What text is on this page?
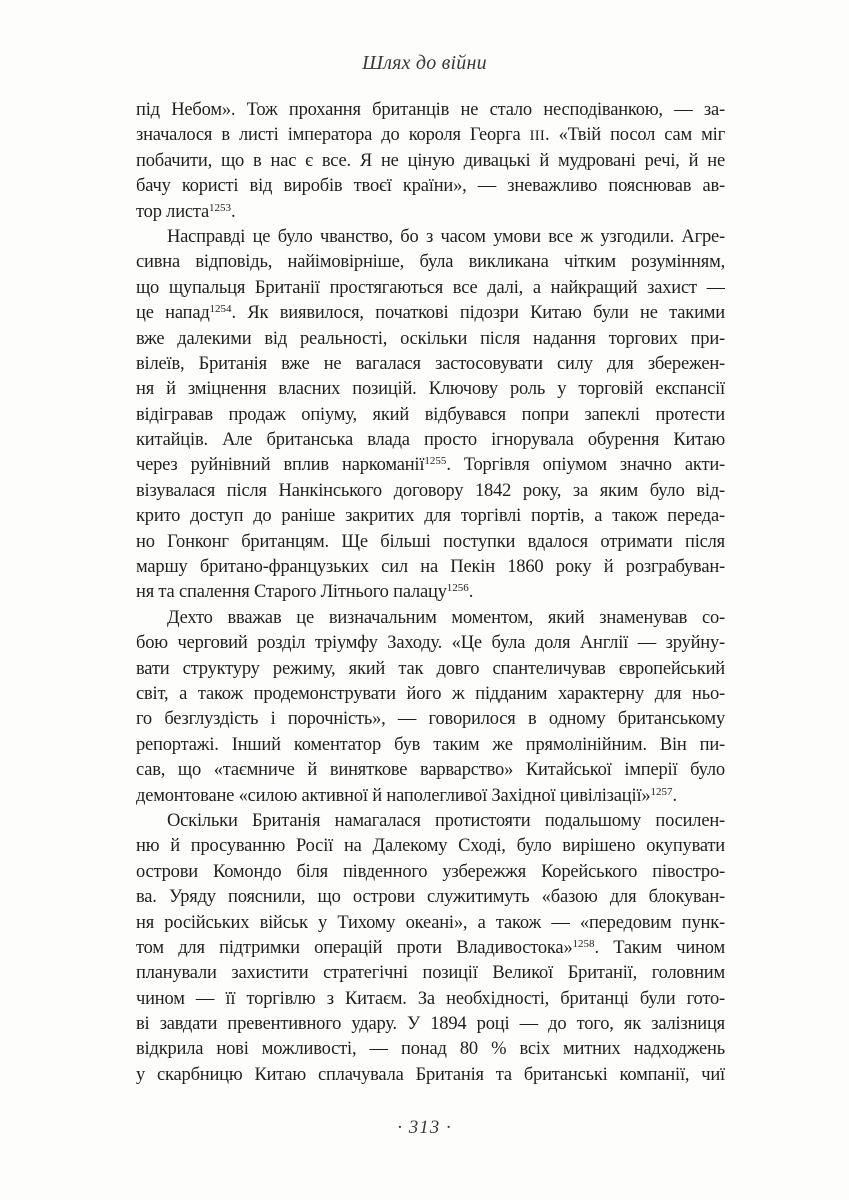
Шлях до війни
під Небом». Тож прохання британців не стало несподіванкою, — за-
значалося в листі імператора до короля Георга III. «Твій посол сам міг
побачити, що в нас є все. Я не ціную дивацькі й мудровані речі, й не
бачу користі від виробів твоєї країни», — зневажливо пояснював ав-
тор листа$^{1253}$.
Насправді це було чванство, бо з часом умови все ж узгодили. Агре-
сивна відповідь, найімовірніше, була викликана чітким розумінням,
що щупальця Британії простягаються все далі, а найкращий захист —
це напад$^{1254}$. Як виявилося, початкові підозри Китаю були не такими
вже далекими від реальності, оскільки після надання торгових при-
вілеїв, Британія вже не вагалася застосовувати силу для збережен-
ня й зміцнення власних позицій. Ключову роль у торговій експансії
відігравав продаж опіуму, який відбувався попри запеклі протести
китайців. Але британська влада просто ігнорувала обурення Китаю
через руйнівний вплив наркоманії$^{1255}$. Торгівля опіумом значно акти-
візувалася після Нанкінського договору 1842 року, за яким було від-
крито доступ до раніше закритих для торгівлі портів, а також переда-
но Гонконг британцям. Ще більші поступки вдалося отримати після
маршу британо-французьких сил на Пекін 1860 року й розграбуван-
ня та спалення Старого Літнього палацу$^{1256}$.
Дехто вважав це визначальним моментом, який знаменував со-
бою черговий розділ тріумфу Заходу. «Це була доля Англії — зруйну-
вати структуру режиму, який так довго спантеличував європейський
світ, а також продемонструвати його ж підданим характерну для ньо-
го безглуздість і порочність», — говорилося в одному британському
репортажі. Інший коментатор був таким же прямолінійним. Він пи-
сав, що «таємниче й виняткове варварство» Китайської імперії було
демонтоване «силою активної й наполегливої Західної цивілізації»$^{1257}$.
Оскільки Британія намагалася протистояти подальшому посилен-
ню й просуванню Росії на Далекому Сході, було вирішено окупувати
острови Комондо біля південного узбережжя Корейського півостро-
ва. Уряду пояснили, що острови служитимуть «базою для блокуван-
ня російських військ у Тихому океані», а також — «передовим пунк-
том для підтримки операцій проти Владивостока»$^{1258}$. Таким чином
планували захистити стратегічні позиції Великої Британії, головним
чином — її торгівлю з Китаєм. За необхідності, британці були гото-
ві завдати превентивного удару. У 1894 році — до того, як залізниця
відкрила нові можливості, — понад 80 % всіх митних надходжень
у скарбницю Китаю сплачувала Британія та британські компанії, чиї
· 313 ·
